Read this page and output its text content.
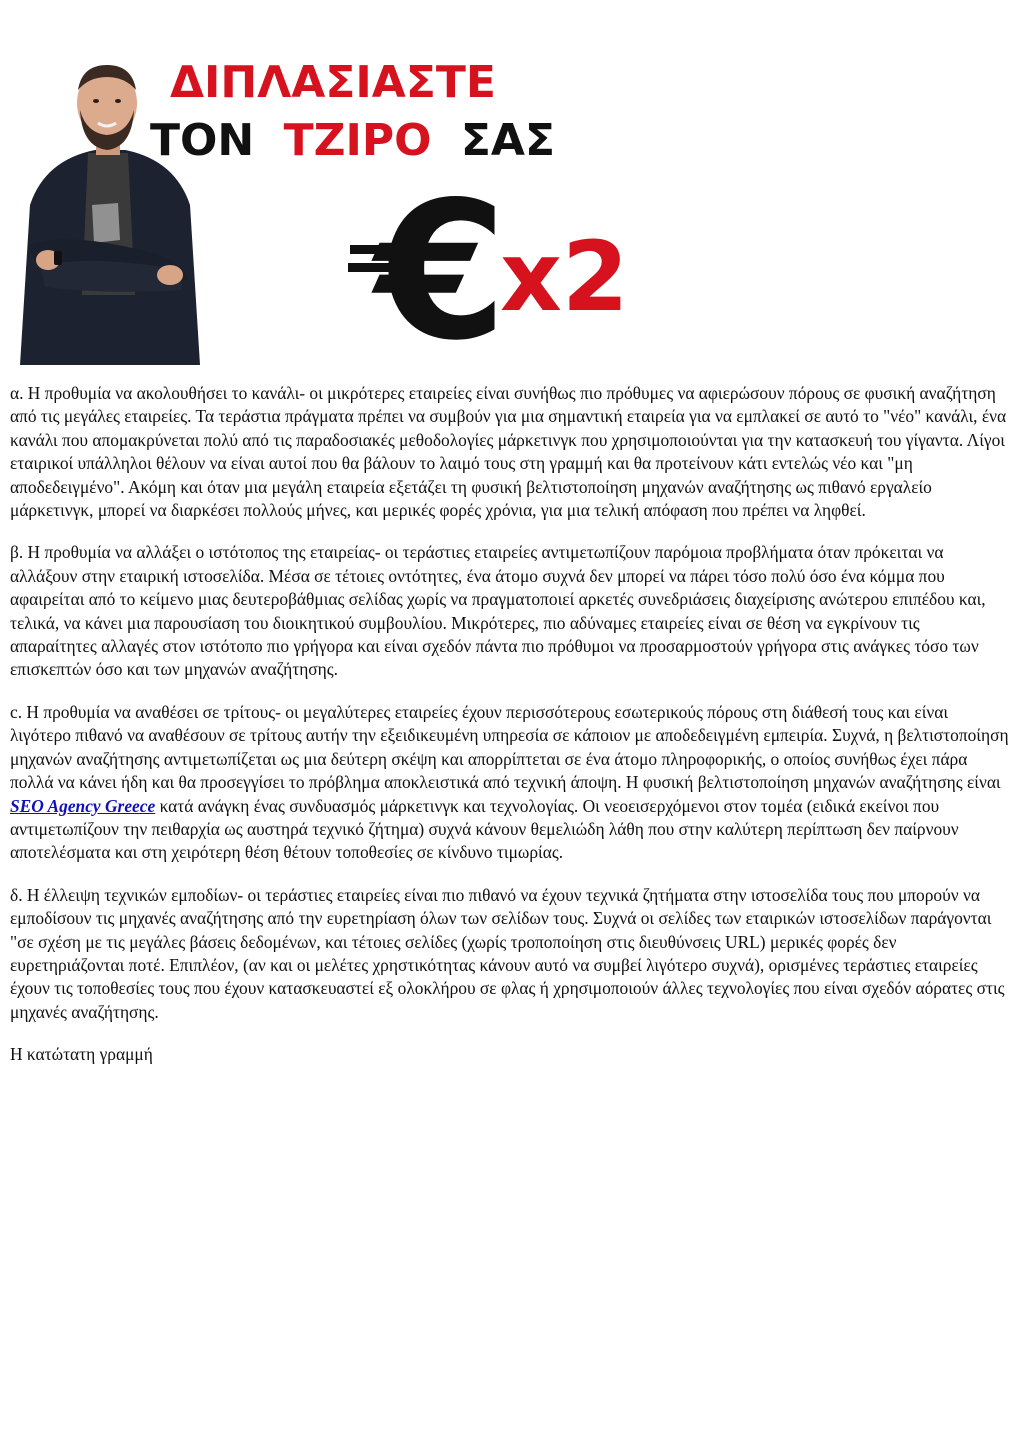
ΔΙΠΛΑΣΙΑΣΤΕ
ΤΟΝ ΤΖΙΡΟ ΣΑΣ
€
x2

α. Η προθυμία να ακολουθήσει το κανάλι- οι μικρότερες εταιρείες είναι συνήθως πιο πρόθυμες να αφιερώσουν πόρους σε φυσική αναζήτηση από τις μεγάλες εταιρείες. Τα τεράστια πράγματα πρέπει να συμβούν για μια σημαντική εταιρεία για να εμπλακεί σε αυτό το "νέο" κανάλι, ένα κανάλι που απομακρύνεται πολύ από τις παραδοσιακές μεθοδολογίες μάρκετινγκ που χρησιμοποιούνται για την κατασκευή του γίγαντα. Λίγοι εταιρικοί υπάλληλοι θέλουν να είναι αυτοί που θα βάλουν το λαιμό τους στη γραμμή και θα προτείνουν κάτι εντελώς νέο και "μη αποδεδειγμένο". Ακόμη και όταν μια μεγάλη εταιρεία εξετάζει τη φυσική βελτιστοποίηση μηχανών αναζήτησης ως πιθανό εργαλείο μάρκετινγκ, μπορεί να διαρκέσει πολλούς μήνες, και μερικές φορές χρόνια, για μια τελική απόφαση που πρέπει να ληφθεί.

β. Η προθυμία να αλλάξει ο ιστότοπος της εταιρείας- οι τεράστιες εταιρείες αντιμετωπίζουν παρόμοια προβλήματα όταν πρόκειται να αλλάξουν στην εταιρική ιστοσελίδα. Μέσα σε τέτοιες οντότητες, ένα άτομο συχνά δεν μπορεί να πάρει τόσο πολύ όσο ένα κόμμα που αφαιρείται από το κείμενο μιας δευτεροβάθμιας σελίδας χωρίς να πραγματοποιεί αρκετές συνεδριάσεις διαχείρισης ανώτερου επιπέδου και, τελικά, να κάνει μια παρουσίαση του διοικητικού συμβουλίου. Μικρότερες, πιο αδύναμες εταιρείες είναι σε θέση να εγκρίνουν τις απαραίτητες αλλαγές στον ιστότοπο πιο γρήγορα και είναι σχεδόν πάντα πιο πρόθυμοι να προσαρμοστούν γρήγορα στις ανάγκες τόσο των επισκεπτών όσο και των μηχανών αναζήτησης.

c. Η προθυμία να αναθέσει σε τρίτους- οι μεγαλύτερες εταιρείες έχουν περισσότερους εσωτερικούς πόρους στη διάθεσή τους και είναι λιγότερο πιθανό να αναθέσουν σε τρίτους αυτήν την εξειδικευμένη υπηρεσία σε κάποιον με αποδεδειγμένη εμπειρία. Συχνά, η βελτιστοποίηση μηχανών αναζήτησης αντιμετωπίζεται ως μια δεύτερη σκέψη και απορρίπτεται σε ένα άτομο πληροφορικής, ο οποίος συνήθως έχει πάρα πολλά να κάνει ήδη και θα προσεγγίσει το πρόβλημα αποκλειστικά από τεχνική άποψη. Η φυσική βελτιστοποίηση μηχανών αναζήτησης είναι SEO Agency Greece κατά ανάγκη ένας συνδυασμός μάρκετινγκ και τεχνολογίας. Οι νεοεισερχόμενοι στον τομέα (ειδικά εκείνοι που αντιμετωπίζουν την πειθαρχία ως αυστηρά τεχνικό ζήτημα) συχνά κάνουν θεμελιώδη λάθη που στην καλύτερη περίπτωση δεν παίρνουν αποτελέσματα και στη χειρότερη θέση θέτουν τοποθεσίες σε κίνδυνο τιμωρίας.

δ. Η έλλειψη τεχνικών εμποδίων- οι τεράστιες εταιρείες είναι πιο πιθανό να έχουν τεχνικά ζητήματα στην ιστοσελίδα τους που μπορούν να εμποδίσουν τις μηχανές αναζήτησης από την ευρετηρίαση όλων των σελίδων τους. Συχνά οι σελίδες των εταιρικών ιστοσελίδων παράγονται "σε σχέση με τις μεγάλες βάσεις δεδομένων, και τέτοιες σελίδες (χωρίς τροποποίηση στις διευθύνσεις URL) μερικές φορές δεν ευρετηριάζονται ποτέ. Επιπλέον, (αν και οι μελέτες χρηστικότητας κάνουν αυτό να συμβεί λιγότερο συχνά), ορισμένες τεράστιες εταιρείες έχουν τις τοποθεσίες τους που έχουν κατασκευαστεί εξ ολοκλήρου σε φλας ή χρησιμοποιούν άλλες τεχνολογίες που είναι σχεδόν αόρατες στις μηχανές αναζήτησης.

Η κατώτατη γραμμή
